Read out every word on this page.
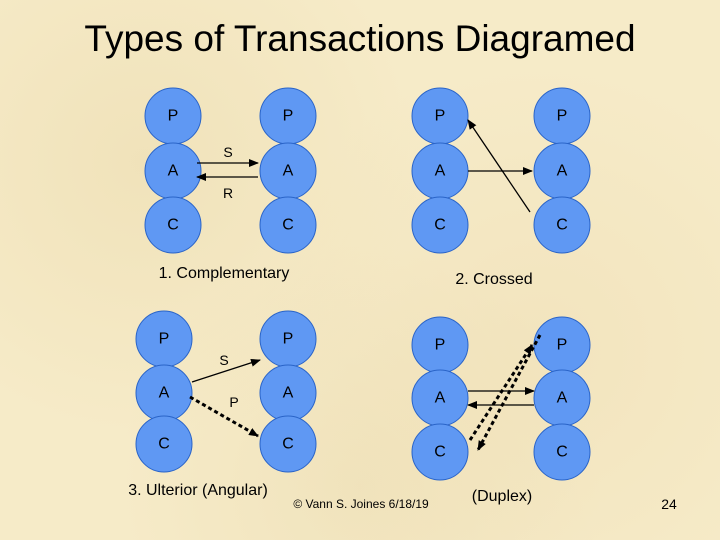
Types of Transactions Diagramed
P
A
C
P
A
C
P
A
C
P
A
C
P
A
C
P
A
C
P
A
C
P
A
C
S
R
S
P
1. Complementary	2. Crossed
3. Ulterior (Angular)	(Duplex)
© Vann S. Joines 6/18/19	24
